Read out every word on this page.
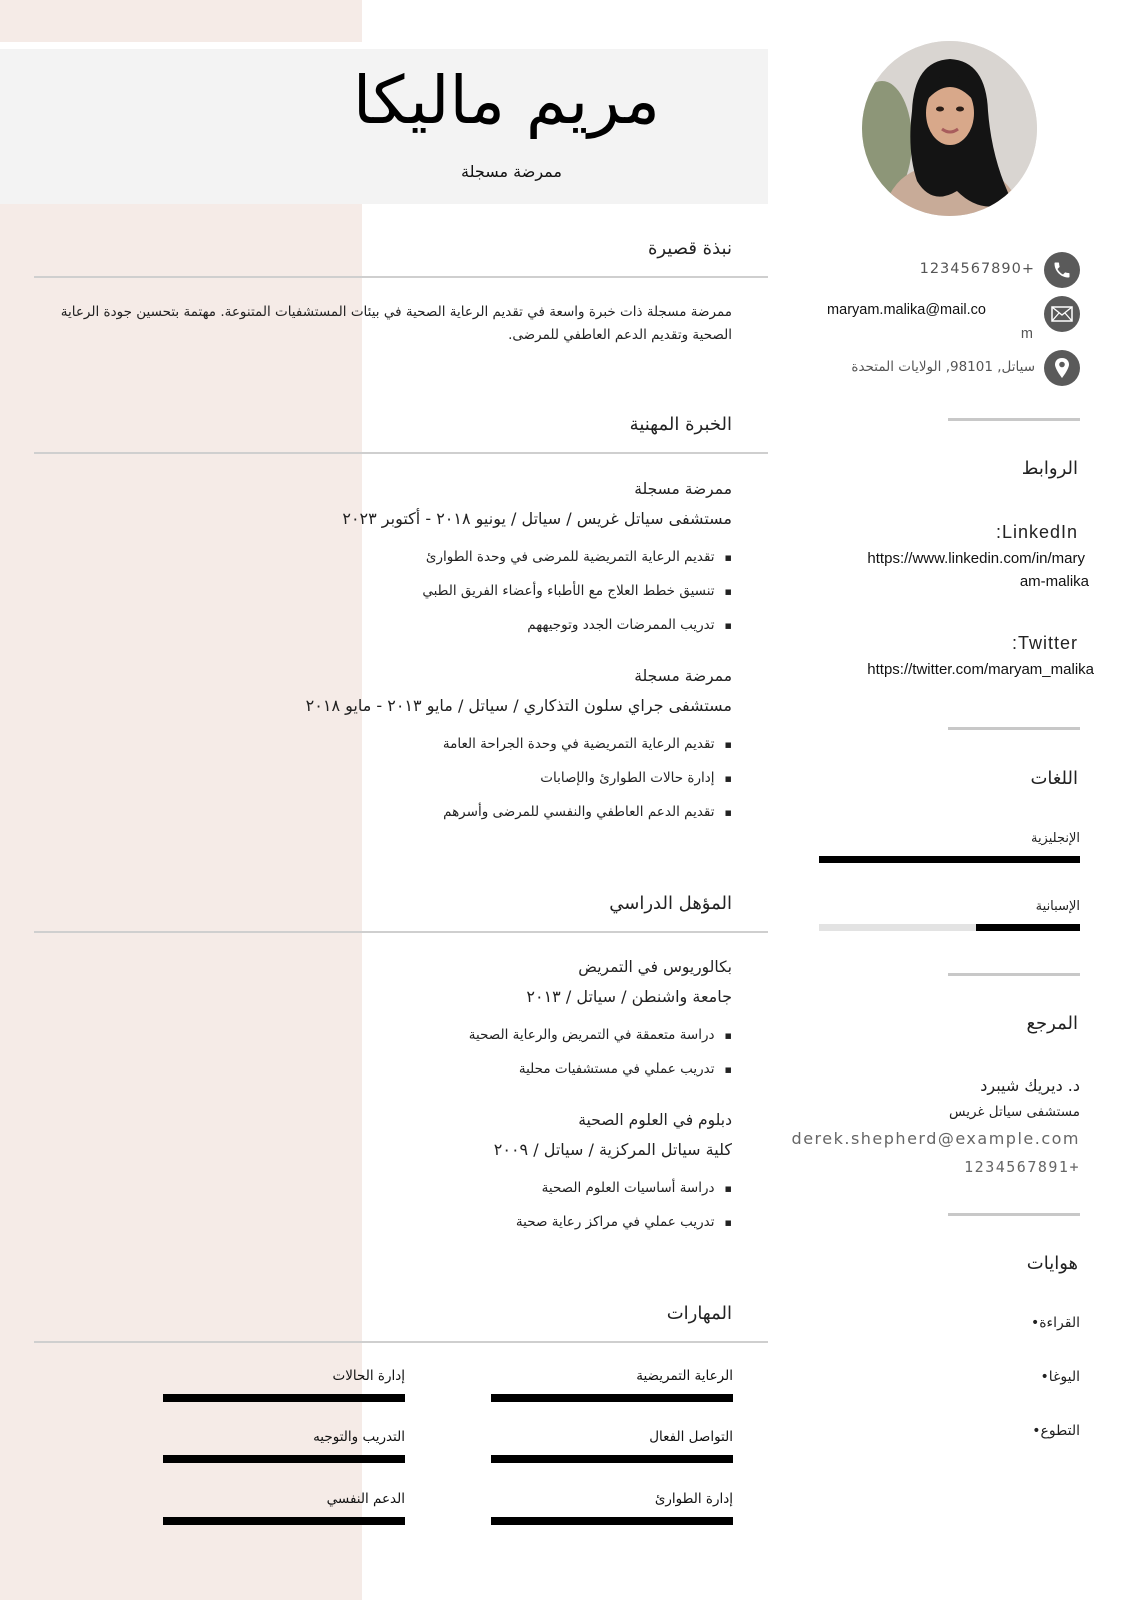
مريم ماليكا
ممرضة مسجلة
نبذة قصيرة
ممرضة مسجلة ذات خبرة واسعة في تقديم الرعاية الصحية في بيئات المستشفيات المتنوعة. مهتمة بتحسين جودة الرعاية الصحية وتقديم الدعم العاطفي للمرضى.
الخبرة المهنية
ممرضة مسجلة
مستشفى سياتل غريس / سياتل / يونيو ٢٠١٨ - أكتوبر ٢٠٢٣
▪ تقديم الرعاية التمريضية للمرضى في وحدة الطوارئ
▪ تنسيق خطط العلاج مع الأطباء وأعضاء الفريق الطبي
▪ تدريب الممرضات الجدد وتوجيههم
ممرضة مسجلة
مستشفى جراي سلون التذكاري / سياتل / مايو ٢٠١٣ - مايو ٢٠١٨
▪ تقديم الرعاية التمريضية في وحدة الجراحة العامة
▪ إدارة حالات الطوارئ والإصابات
▪ تقديم الدعم العاطفي والنفسي للمرضى وأسرهم
المؤهل الدراسي
بكالوريوس في التمريض
جامعة واشنطن / سياتل / ٢٠١٣
▪ دراسة متعمقة في التمريض والرعاية الصحية
▪ تدريب عملي في مستشفيات محلية
دبلوم في العلوم الصحية
كلية سياتل المركزية / سياتل / ٢٠٠٩
▪ دراسة أساسيات العلوم الصحية
▪ تدريب عملي في مراكز رعاية صحية
المهارات
الرعاية التمريضية
إدارة الحالات
التواصل الفعال
التدريب والتوجيه
إدارة الطوارئ
الدعم النفسي
1234567890+
maryam.malika@mail.co
m
سياتل, 98101, الولايات المتحدة
الروابط
:LinkedIn
https://www.linkedin.com/in/mary
am-malika
:Twitter
https://twitter.com/maryam_malika
اللغات
الإنجليزية
الإسبانية
المرجع
د. ديريك شيبرد
مستشفى سياتل غريس
derek.shepherd@example.com
1234567891+
هوايات
• القراءة
• اليوغا
• التطوع
